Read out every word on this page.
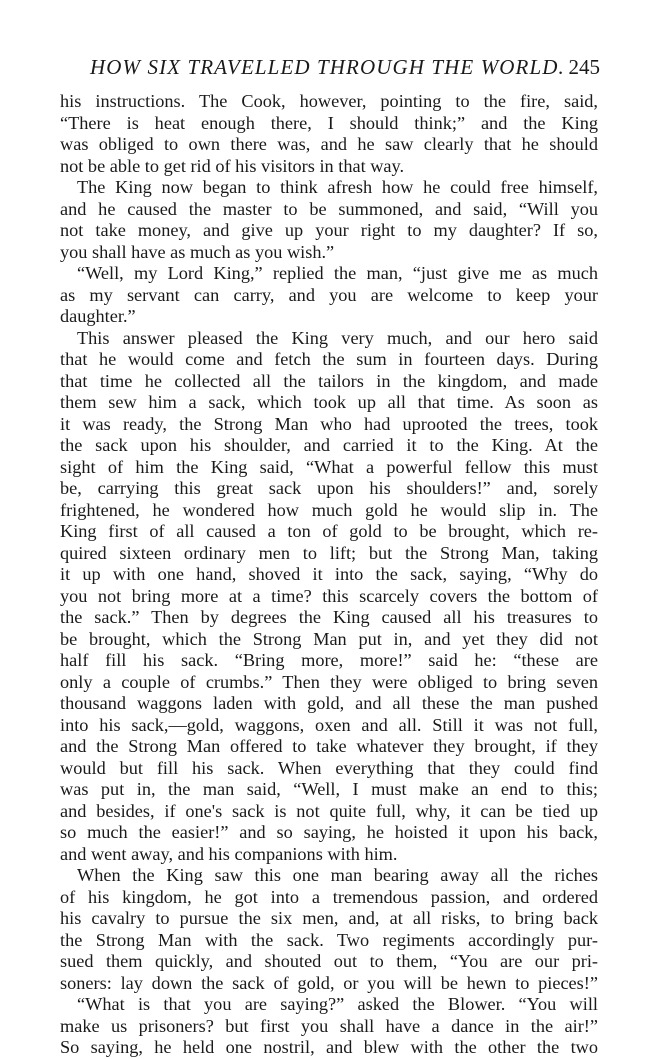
HOW SIX TRAVELLED THROUGH THE WORLD. 245
his instructions. The Cook, however, pointing to the fire, said,
“There is heat enough there, I should think;” and the King
was obliged to own there was, and he saw clearly that he should
not be able to get rid of his visitors in that way.
The King now began to think afresh how he could free himself,
and he caused the master to be summoned, and said, “Will you
not take money, and give up your right to my daughter? If so,
you shall have as much as you wish.”
“Well, my Lord King,” replied the man, “just give me as much
as my servant can carry, and you are welcome to keep your
daughter.”
This answer pleased the King very much, and our hero said
that he would come and fetch the sum in fourteen days. During
that time he collected all the tailors in the kingdom, and made
them sew him a sack, which took up all that time. As soon as
it was ready, the Strong Man who had uprooted the trees, took
the sack upon his shoulder, and carried it to the King. At the
sight of him the King said, “What a powerful fellow this must
be, carrying this great sack upon his shoulders!” and, sorely
frightened, he wondered how much gold he would slip in. The
King first of all caused a ton of gold to be brought, which re-
quired sixteen ordinary men to lift; but the Strong Man, taking
it up with one hand, shoved it into the sack, saying, “Why do
you not bring more at a time? this scarcely covers the bottom of
the sack.” Then by degrees the King caused all his treasures to
be brought, which the Strong Man put in, and yet they did not
half fill his sack. “Bring more, more!” said he: “these are
only a couple of crumbs.” Then they were obliged to bring seven
thousand waggons laden with gold, and all these the man pushed
into his sack,—gold, waggons, oxen and all. Still it was not full,
and the Strong Man offered to take whatever they brought, if they
would but fill his sack. When everything that they could find
was put in, the man said, “Well, I must make an end to this;
and besides, if one's sack is not quite full, why, it can be tied up
so much the easier!” and so saying, he hoisted it upon his back,
and went away, and his companions with him.
When the King saw this one man bearing away all the riches
of his kingdom, he got into a tremendous passion, and ordered
his cavalry to pursue the six men, and, at all risks, to bring back
the Strong Man with the sack. Two regiments accordingly pur-
sued them quickly, and shouted out to them, “You are our pri-
soners: lay down the sack of gold, or you will be hewn to pieces!”
“What is that you are saying?” asked the Blower. “You will
make us prisoners? but first you shall have a dance in the air!”
So saying, he held one nostril, and blew with the other the two
